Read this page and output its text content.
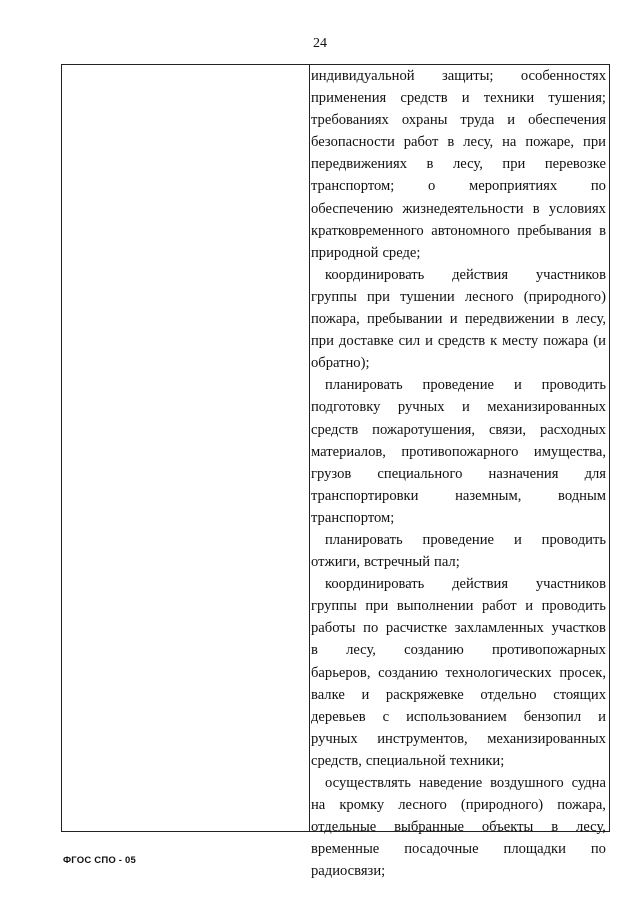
24
индивидуальной защиты; особенностях
применения средств и техники тушения;
требованиях охраны труда и обеспечения
безопасности работ в лесу, на пожаре, при
передвижениях в лесу, при перевозке
транспортом; о мероприятиях по
обеспечению жизнедеятельности в условиях
кратковременного автономного пребывания в
природной среде;
координировать действия участников
группы при тушении лесного (природного)
пожара, пребывании и передвижении в лесу,
при доставке сил и средств к месту пожара (и
обратно);
планировать проведение и проводить
подготовку ручных и механизированных
средств пожаротушения, связи, расходных
материалов, противопожарного имущества,
грузов специального назначения для
транспортировки	наземным,	водным
транспортом;
планировать проведение и проводить
отжиги, встречный пал;
координировать действия участников
группы при выполнении работ и проводить
работы по расчистке захламленных участков
в лесу, созданию противопожарных
барьеров, созданию технологических просек,
валке и раскряжевке отдельно стоящих
деревьев с использованием бензопил и
ручных инструментов, механизированных
средств, специальной техники;
осуществлять наведение воздушного судна
на кромку лесного (природного) пожара,
отдельные выбранные объекты в лесу,
временные посадочные площадки по
радиосвязи;
ФГОС СПО - 05
